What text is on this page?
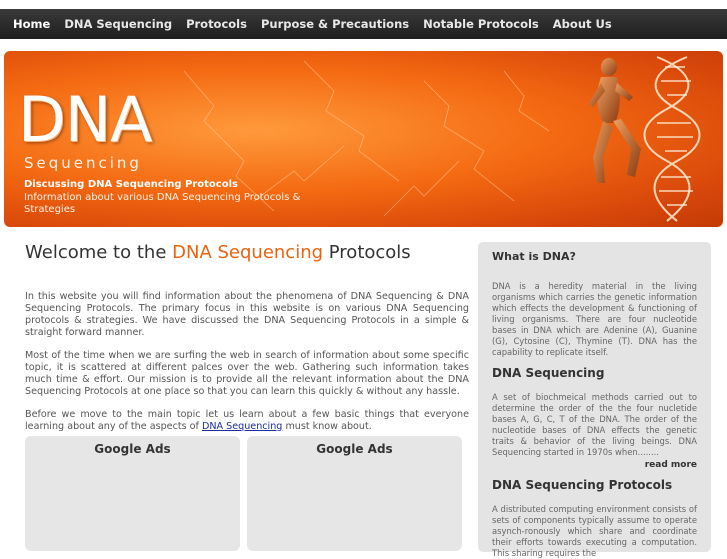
Home	DNA Sequencing	Protocols	Purpose & Precautions	Notable Protocols	About Us
DNA
Sequencing
Discussing DNA Sequencing Protocols
Information about various DNA Sequencing Protocols & Strategies
Welcome to the DNA Sequencing Protocols

In this website you will find information about the phenomena of DNA Sequencing & DNA Sequencing Protocols. The primary focus in this website is on various DNA Sequencing protocols & strategies. We have discussed the DNA Sequencing Protocols in a simple & straight forward manner.

Most of the time when we are surfing the web in search of information about some specific topic, it is scattered at different palces over the web. Gathering such information takes much time & effort. Our mission is to provide all the relevant information about the DNA Sequencing Protocols at one place so that you can learn this quickly & without any hassle.

Before we move to the main topic let us learn about a few basic things that everyone learning about any of the aspects of DNA Sequencing must know about.

Google Ads	Google Ads
What is DNA?
DNA is a heredity material in the living organisms which carries the genetic information which effects the development & functioning of living organisms. There are four nucleotide bases in DNA which are Adenine (A), Guanine (G), Cytosine (C), Thymine (T). DNA has the capability to replicate itself.
DNA Sequencing
A set of biochmeical methods carried out to determine the order of the the four nucletide bases A, G, C, T of the DNA. The order of the nucleotide bases of DNA effects the genetic traits & behavior of the living beings. DNA Sequencing started in 1970s when........
read more
DNA Sequencing Protocols
A distributed computing environment consists of sets of components typically assume to operate asynch-ronously which share and coordinate their efforts towards executing a computation. This sharing requires the
